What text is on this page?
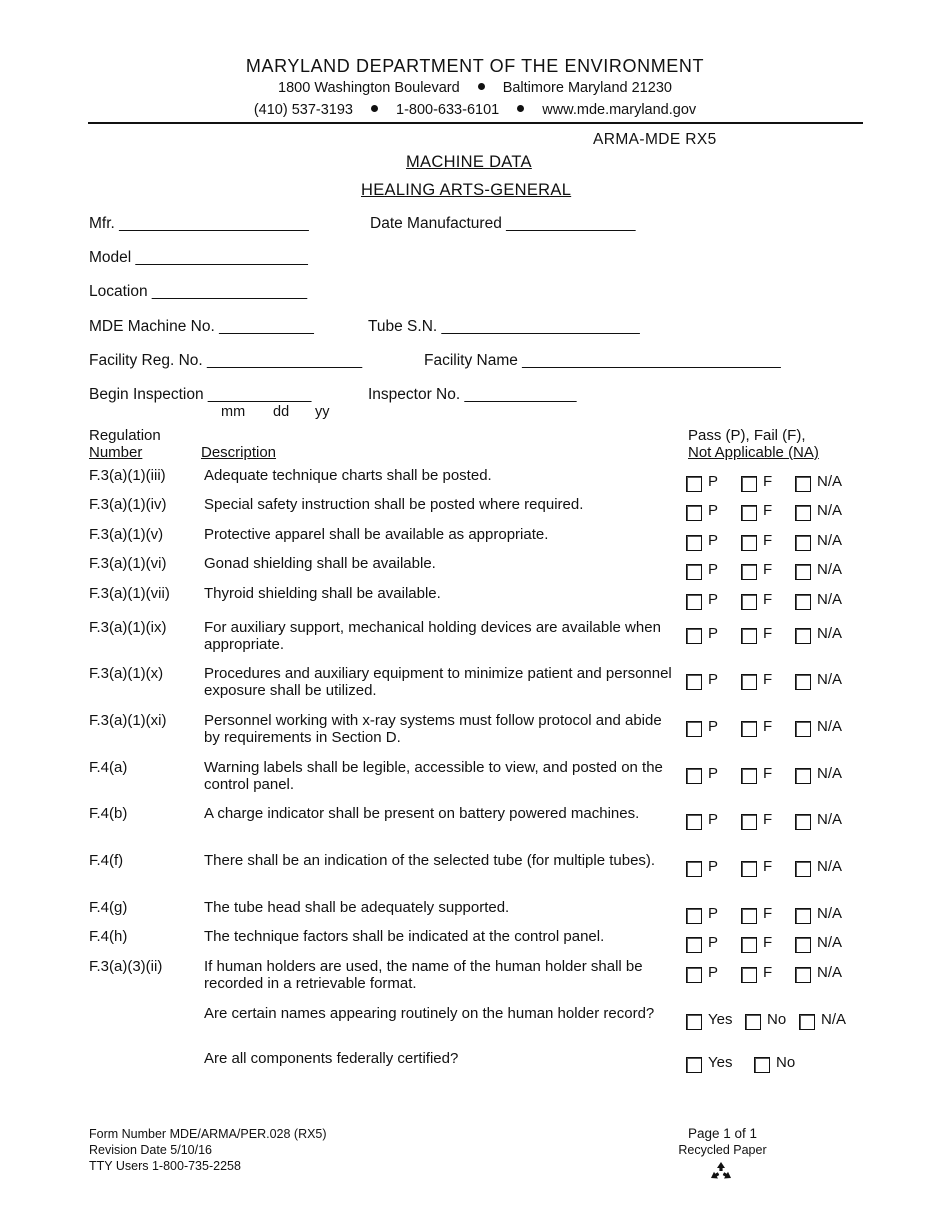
MARYLAND DEPARTMENT OF THE ENVIRONMENT
1800 Washington Boulevard	Baltimore Maryland 21230
(410) 537-3193	1-800-633-6101	www.mde.maryland.gov
ARMA-MDE RX5
MACHINE DATA
HEALING ARTS-GENERAL
Mfr. ______________________	Date Manufactured _______________
Model ____________________
Location __________________
MDE Machine No. ___________	Tube S.N. _______________________
Facility Reg. No. __________________	Facility Name ______________________________
Begin Inspection ____________	Inspector No. _____________
mm dd yy
Regulation
Number	Description
Pass (P), Fail (F),
Not Applicable (NA)
F.3(a)(1)(iii)	Adequate technique charts shall be posted.	P	F	N/A
F.3(a)(1)(iv)	Special safety instruction shall be posted where required.	P	F	N/A
F.3(a)(1)(v)	Protective apparel shall be available as appropriate.	P	F	N/A
F.3(a)(1)(vi)	Gonad shielding shall be available.	P	F	N/A
F.3(a)(1)(vii) Thyroid shielding shall be available.	P	F	N/A
F.3(a)(1)(ix)	For auxiliary support, mechanical holding devices are available when appropriate.
P	F	N/A
F.3(a)(1)(x)	Procedures and auxiliary equipment to minimize patient and personnel exposure shall be utilized.
P	F	N/A
F.3(a)(1)(xi)	Personnel working with x-ray systems must follow protocol and abide by requirements in Section D.
P	F	N/A
F.4(a)	Warning labels shall be legible, accessible to view, and posted on the control panel.
P	F	N/A
F.4(b)	A charge indicator shall be present on battery powered machines.	P	F	N/A
F.4(f)	There shall be an indication of the selected tube (for multiple tubes).	P	F	N/A
F.4(g)	The tube head shall be adequately supported.	P	F	N/A
F.4(h)	The technique factors shall be indicated at the control panel.	P	F	N/A
F.3(a)(3)(ii)	If human holders are used, the name of the human holder shall be recorded in a retrievable format.
P	F	N/A
Are certain names appearing routinely on the human holder record?	Yes No N/A
Are all components federally certified?	Yes	No
Form Number MDE/ARMA/PER.028 (RX5)
Revision Date 5/10/16
TTY Users 1-800-735-2258
Page 1 of 1
Recycled Paper
